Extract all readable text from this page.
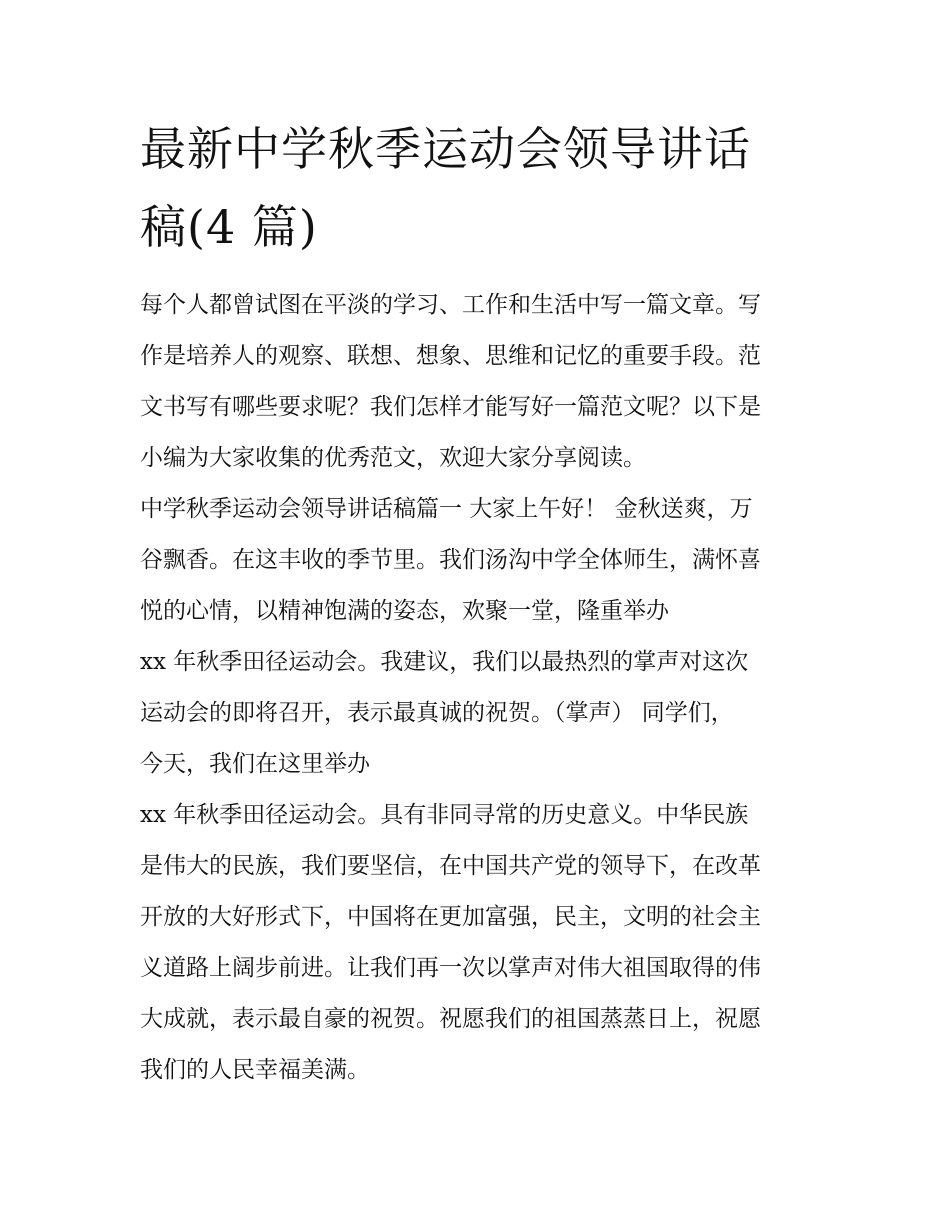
最新中学秋季运动会领导讲话
稿(4 篇)
每个人都曾试图在平淡的学习、工作和生活中写一篇文章。写
作是培养人的观察、联想、想象、思维和记忆的重要手段。范
文书写有哪些要求呢？我们怎样才能写好一篇范文呢？以下是
小编为大家收集的优秀范文，欢迎大家分享阅读。
中学秋季运动会领导讲话稿篇一 大家上午好！ 金秋送爽，万
谷飘香。在这丰收的季节里。我们汤沟中学全体师生，满怀喜
悦的心情，以精神饱满的姿态，欢聚一堂，隆重举办
xx 年秋季田径运动会。我建议，我们以最热烈的掌声对这次
运动会的即将召开，表示最真诚的祝贺。（掌声） 同学们，
今天，我们在这里举办
xx 年秋季田径运动会。具有非同寻常的历史意义。中华民族
是伟大的民族，我们要坚信，在中国共产党的领导下，在改革
开放的大好形式下，中国将在更加富强，民主，文明的社会主
义道路上阔步前进。让我们再一次以掌声对伟大祖国取得的伟
大成就，表示最自豪的祝贺。祝愿我们的祖国蒸蒸日上，祝愿
我们的人民幸福美满。
